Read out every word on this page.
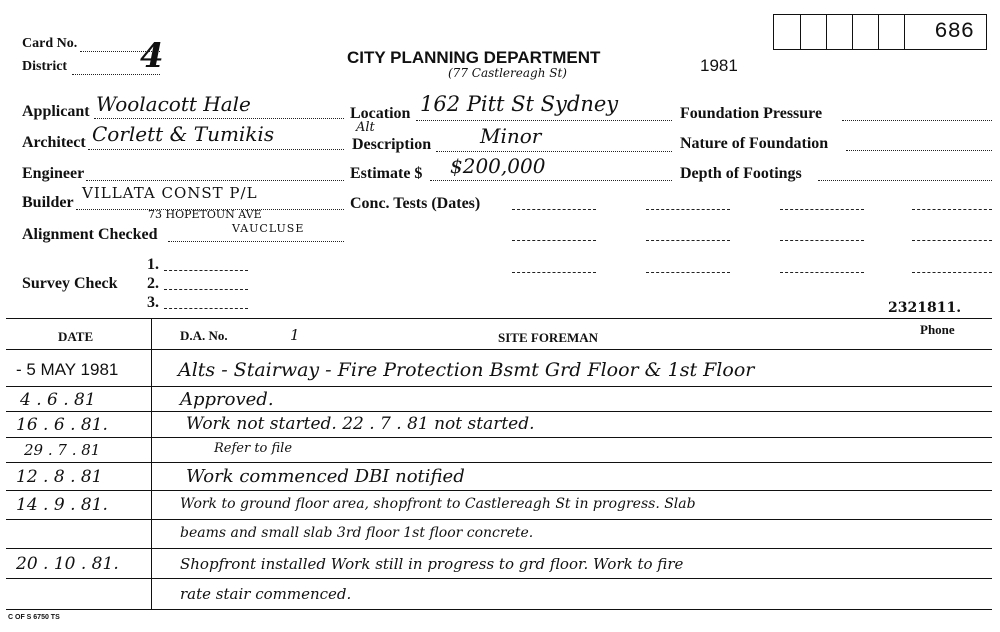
686
Card No.
District 4	CITY PLANNING DEPARTMENT
(77 Castlereagh St)	1981
Applicant Woolacott Hale
Architect Corlett & Tumikis
Engineer
Builder
VILLATA CONST P/L
73 HOPETOUN AVE
Alignment Checked	VAUCLUSE
1.
Survey Check 2.
3.
Location 162 Pitt St Sydney
Alt
Description Minor
Estimate $ $200,000
Conc. Tests (Dates)
Foundation Pressure
Nature of Foundation
Depth of Footings
2321811.
Phone
DATE	D.A. No.	1	SITE FOREMAN
- 5 MAY 1981	Alts - Stairway - Fire Protection Bsmt Grd Floor & 1st Floor
4 . 6 . 81	Approved.
16 . 6 . 81.	Work not started. 22 . 7 . 81 not started.
29 . 7 . 81	Refer to file
12 . 8 . 81	Work commenced DBI notified
14 . 9 . 81.	Work to ground floor area, shopfront to Castlereagh St in progress. Slab
beams and small slab 3rd floor 1st floor concrete.
20 . 10 . 81.	Shopfront installed Work still in progress to grd floor. Work to fire
rate stair commenced.
C OF S 6750 TS
